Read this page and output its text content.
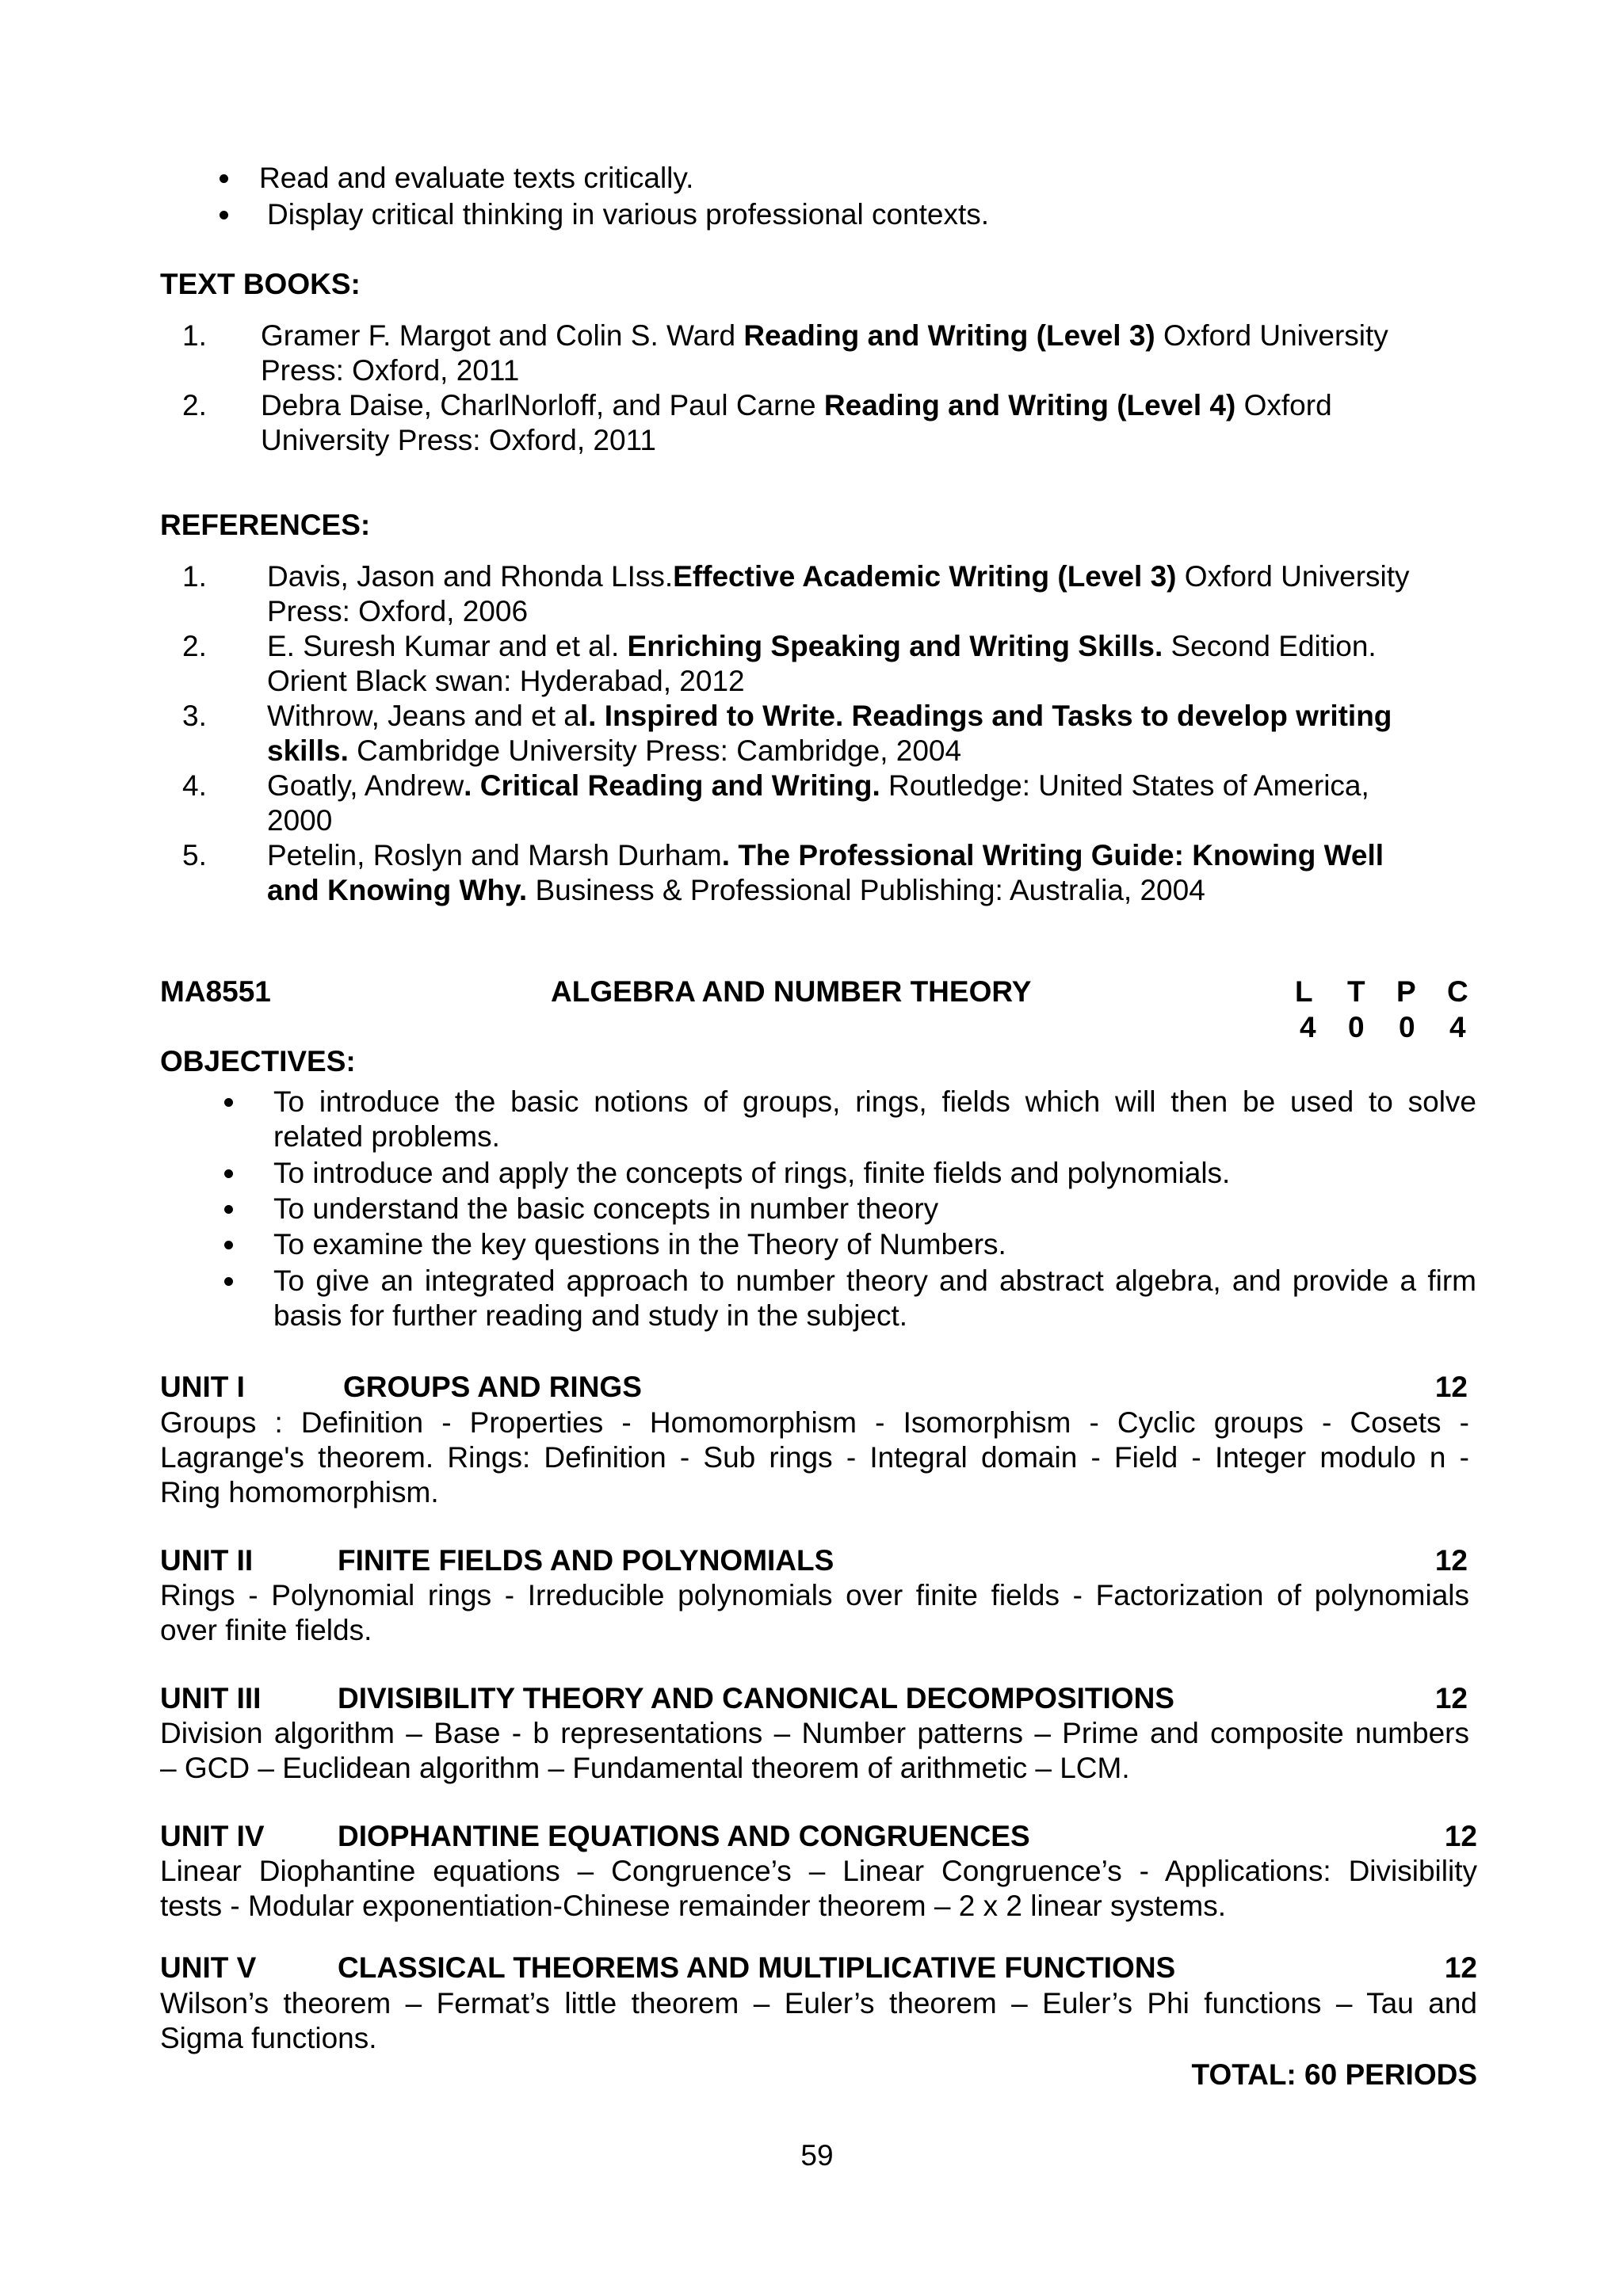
Read and evaluate texts critically.
Display critical thinking in various professional contexts.
TEXT BOOKS:
1. Gramer F. Margot and Colin S. Ward Reading and Writing (Level 3) Oxford University
Press: Oxford, 2011
2. Debra Daise, CharlNorloff, and Paul Carne Reading and Writing (Level 4) Oxford
University Press: Oxford, 2011
REFERENCES:
1. Davis, Jason and Rhonda LIss.Effective Academic Writing (Level 3) Oxford University
Press: Oxford, 2006
2. E. Suresh Kumar and et al. Enriching Speaking and Writing Skills. Second Edition.
Orient Black swan: Hyderabad, 2012
3. Withrow, Jeans and et al. Inspired to Write. Readings and Tasks to develop writing
skills. Cambridge University Press: Cambridge, 2004
4. Goatly, Andrew. Critical Reading and Writing. Routledge: United States of America,
2000
5. Petelin, Roslyn and Marsh Durham. The Professional Writing Guide: Knowing Well
and Knowing Why. Business & Professional Publishing: Australia, 2004
MA8551	ALGEBRA AND NUMBER THEORY	L T P C
4 0 0 4
OBJECTIVES:
To introduce the basic notions of groups, rings, fields which will then be used to solve
related problems.
To introduce and apply the concepts of rings, finite fields and polynomials.
To understand the basic concepts in number theory
To examine the key questions in the Theory of Numbers.
To give an integrated approach to number theory and abstract algebra, and provide a firm
basis for further reading and study in the subject.
UNIT I	GROUPS AND RINGS	12
Groups : Definition - Properties - Homomorphism - Isomorphism - Cyclic groups - Cosets -
Lagrange's theorem. Rings: Definition - Sub rings - Integral domain - Field - Integer modulo n -
Ring homomorphism.
UNIT II	FINITE FIELDS AND POLYNOMIALS	12
Rings - Polynomial rings - Irreducible polynomials over finite fields - Factorization of polynomials
over finite fields.
UNIT III	DIVISIBILITY THEORY AND CANONICAL DECOMPOSITIONS	12
Division algorithm – Base - b representations – Number patterns – Prime and composite numbers
– GCD – Euclidean algorithm – Fundamental theorem of arithmetic – LCM.
UNIT IV DIOPHANTINE EQUATIONS AND CONGRUENCES	12
Linear Diophantine equations – Congruence’s – Linear Congruence’s - Applications: Divisibility
tests - Modular exponentiation-Chinese remainder theorem – 2 x 2 linear systems.
UNIT V	CLASSICAL THEOREMS AND MULTIPLICATIVE FUNCTIONS	12
Wilson’s theorem – Fermat’s little theorem – Euler’s theorem – Euler’s Phi functions – Tau and
Sigma functions.
TOTAL: 60 PERIODS
59
